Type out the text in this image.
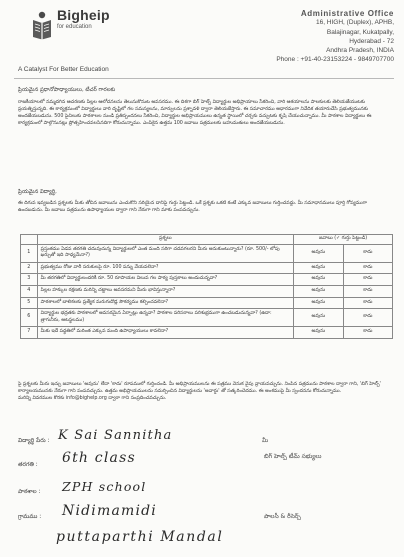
Bigheip
for education
A Catalyst For Better Education
Administrative Office
16, HIGH, (Duplex), APHB,
Balajinagar, Kukatpally,
Hyderabad - 72
Andhra Pradesh, INDIA
Phone : +91-40-23153224 - 9849707700
ప్రియమైన ప్రధానోపాధ్యాయులు, టీచర్ గారలకు
రాజకీయాలలో నమ్మదగిన ఆచరణకు పిల్లల ఆలోచనలను తెలుసుకొనుట అవసరము. ఈ దిశగా బిగ్ హెల్ప్ విద్యార్థుల అభిప్రాయాలు సేకరించి, వారి ఆశయాలను పాలకులకు తెలియజేయుటకు ప్రయత్నిస్తున్నది. ఈ కార్యక్రమంలో విద్యార్థులు వారి దృష్టిలో గల సమస్యలను, మార్పులను ప్రశ్నావళి ద్వారా తెలియజేస్తారు. ఈ సమాచారము ఆధారముగా నివేదిక తయారుచేసి ప్రభుత్వమునకు అందజేయబడును. 500 పైచిలుకు పాఠశాలల నుండి ప్రతిస్పందనలు సేకరించి, విద్యార్థుల అభిప్రాయములు ఉన్నత స్థాయిలో చర్చకు వచ్చుటకు కృషి చేయుచున్నాము. మీ పాఠశాల విద్యార్థులు ఈ కార్యక్రమంలో పాల్గొనునట్లు ప్రోత్సహించవలసినదిగా కోరుచున్నాము. ఎంపికైన ఉత్తమ 100 జవాబు పత్రములకు బహుమతులు అందజేయబడును.
ప్రియమైన విద్యార్థి,
ఈ దిగువ ఇవ్వబడిన ప్రశ్నలకు మీకు తోచిన జవాబును ఎంచుకొని సరియైన దానిపై గుర్తు పెట్టండి. ఒకే ప్రశ్నకు ఒకటి కంటే ఎక్కువ జవాబులు గుర్తించవద్దు. మీ సమాధానములు పూర్తి గోప్యముగా ఉంచబడును. మీ జవాబు పత్రమును ఉపాధ్యాయుల ద్వారా గాని నేరుగా గాని మాకు పంపవచ్చును.
	ప్రశ్నలు	జవాబు (✓ గుర్తు పెట్టండి)	
1	ప్రస్తుతము ఏడవ తరగతి చదువుచున్న విద్యార్థులలో ఎంత మంది సరిగా చదవగలరని మీరు అనుకుంటున్నారు? (రూ. 500/- లోపు ఖర్చుతో ఇది సాధ్యమేనా?)	అవును	కాదు
2	ప్రభుత్వము రోజు వారీ సరుకులపై రూ. 100 పన్ను వేయవలెనా?	అవును	కాదు
3	మీ తరగతిలో విద్యార్థులందరికీ రూ. 50 రూపాయల విలువ గల పాఠ్య పుస్తకాలు అందుచున్నవా?	అవును	కాదు
4	పిల్లల హక్కుల రక్షణకు మరిన్ని చట్టాలు అవసరమని మీరు భావిస్తున్నారా?	అవును	కాదు
5	పాఠశాలలో బాలికలకు ప్రత్యేక మరుగుదొడ్ల సౌకర్యము కల్పించవలెనా?	అవును	కాదు
6	విద్యార్థుల భద్రతకు పాఠశాలలో అవసరమైన ఏర్పాట్లు ఉన్నవా? పాఠశాల పరిసరాలు పరిశుభ్రముగా ఉంచబడుచున్నవా? (ఉదా: త్రాగునీరు, ఆటస్థలము)	అవును	కాదు
7	మీకు ఇదే పద్ధతిలో మరింత ఎక్కువ మంది ఉపాధ్యాయులు కావలెనా?	అవును	కాదు
పై ప్రశ్నలకు మీరు ఇచ్చు జవాబులు 'అవును' లేదా 'కాదు' రూపములో గుర్తించండి. మీ అభిప్రాయములను ఈ పత్రము వెనుక వైపు వ్రాయవచ్చును. నింపిన పత్రమును పాఠశాల ద్వారా గాని, 'బిగ్ హెల్ప్' కార్యాలయమునకు నేరుగా గాని పంపవచ్చును. ఉత్తమ అభిప్రాయములను సమర్పించిన విద్యార్థులను 'అవార్డు' తో సత్కరించెదము. ఈ అంశముపై మీ స్పందనను కోరుచున్నాము.
మరిన్ని వివరముల కొరకు info@bighelp.org ద్వారా గాని సంప్రదించవచ్చును.
విద్యార్థి పేరు : K Sai Sannitha
తరగతి : 6th class
పాఠశాల : ZPH school
గ్రామము : Nidimamidi
puttaparthi Mandal
మీ
బిగ్ హెల్ప్ టీమ్ సభ్యులు
పాలసీ & రీసెర్చ్
